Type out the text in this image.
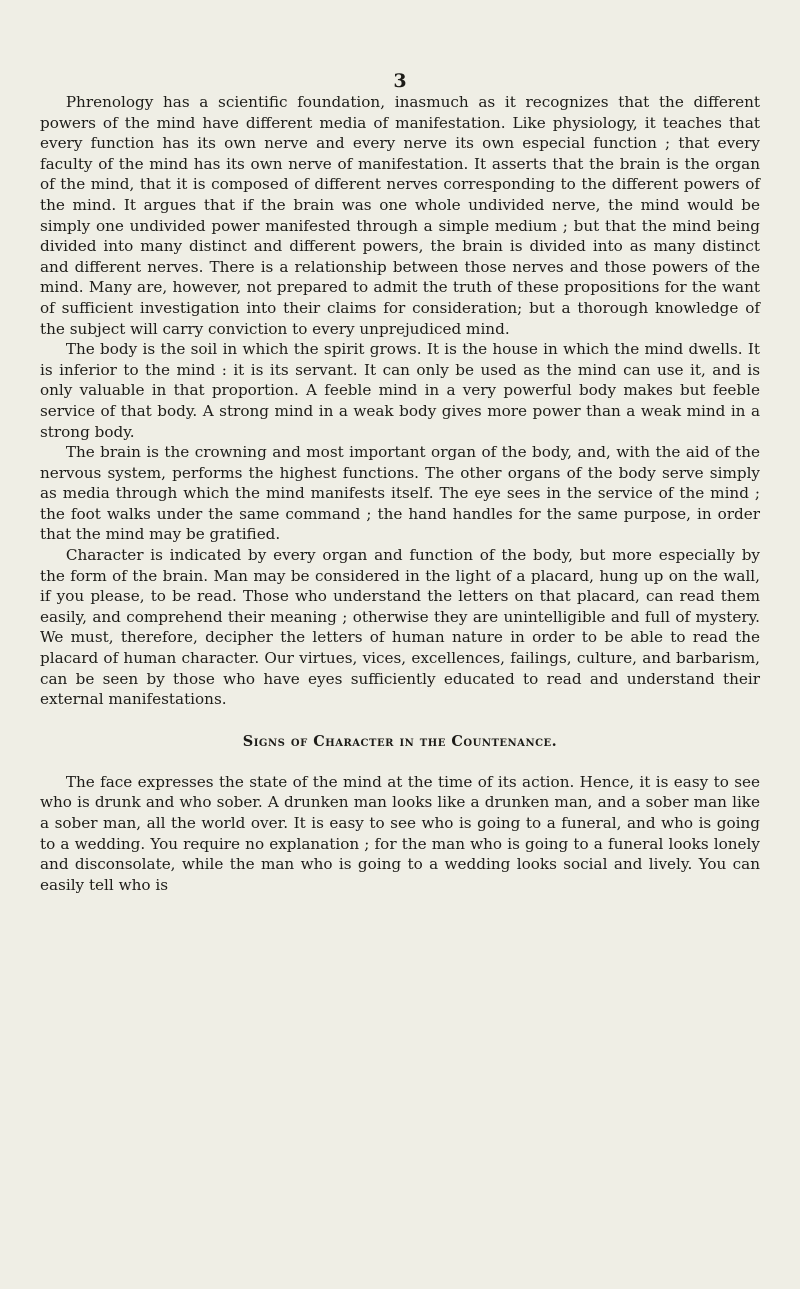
3

Phrenology has a scientific foundation, inasmuch as it recognizes that the different powers of the mind have different media of manifestation. Like physiology, it teaches that every function has its own nerve and every nerve its own especial function ; that every faculty of the mind has its own nerve of manifestation. It asserts that the brain is the organ of the mind, that it is composed of different nerves corresponding to the different powers of the mind. It argues that if the brain was one whole undivided nerve, the mind would be simply one undivided power manifested through a simple medium ; but that the mind being divided into many distinct and different powers, the brain is divided into as many distinct and different nerves. There is a relationship between those nerves and those powers of the mind. Many are, however, not prepared to admit the truth of these propositions for the want of sufficient investigation into their claims for consideration; but a thorough knowledge of the subject will carry conviction to every unprejudiced mind.

The body is the soil in which the spirit grows. It is the house in which the mind dwells. It is inferior to the mind : it is its servant. It can only be used as the mind can use it, and is only valuable in that proportion. A feeble mind in a very powerful body makes but feeble service of that body. A strong mind in a weak body gives more power than a weak mind in a strong body.

The brain is the crowning and most important organ of the body, and, with the aid of the nervous system, performs the highest functions. The other organs of the body serve simply as media through which the mind manifests itself. The eye sees in the service of the mind ; the foot walks under the same command ; the hand handles for the same purpose, in order that the mind may be gratified.

Character is indicated by every organ and function of the body, but more especially by the form of the brain. Man may be considered in the light of a placard, hung up on the wall, if you please, to be read. Those who understand the letters on that placard, can read them easily, and comprehend their meaning ; otherwise they are unintelligible and full of mystery. We must, therefore, decipher the letters of human nature in order to be able to read the placard of human character. Our virtues, vices, excellences, failings, culture, and barbarism, can be seen by those who have eyes sufficiently educated to read and understand their external manifestations.

Signs of Character in the Countenance.

The face expresses the state of the mind at the time of its action. Hence, it is easy to see who is drunk and who sober. A drunken man looks like a drunken man, and a sober man like a sober man, all the world over. It is easy to see who is going to a funeral, and who is going to a wedding. You require no explanation ; for the man who is going to a funeral looks lonely and disconsolate, while the man who is going to a wedding looks social and lively. You can easily tell who is
